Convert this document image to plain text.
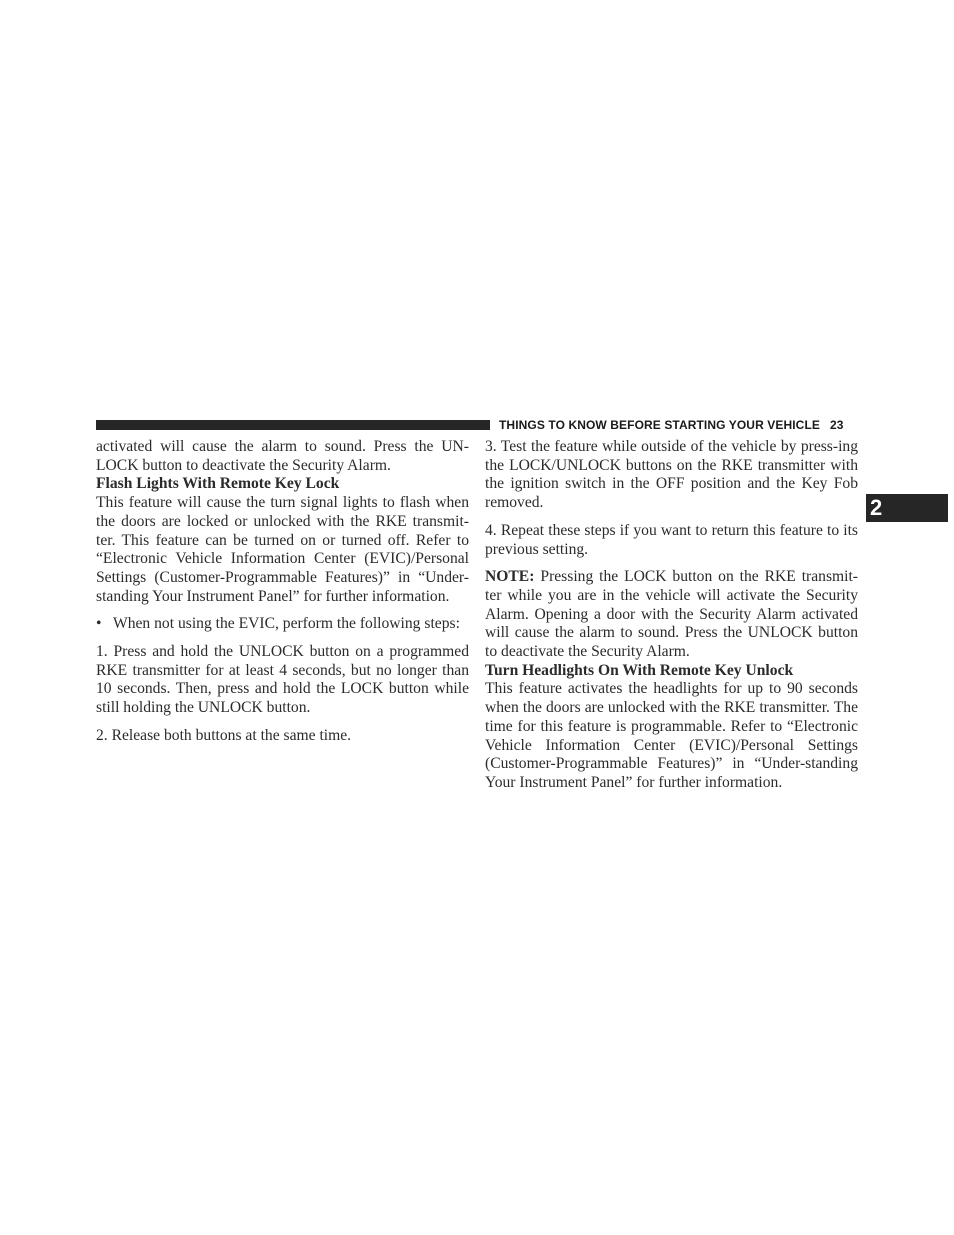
THINGS TO KNOW BEFORE STARTING YOUR VEHICLE 23
2

activated will cause the alarm to sound. Press the UN-LOCK button to deactivate the Security Alarm.

Flash Lights With Remote Key Lock

This feature will cause the turn signal lights to flash when the doors are locked or unlocked with the RKE transmit-ter. This feature can be turned on or turned off. Refer to “Electronic Vehicle Information Center (EVIC)/Personal Settings (Customer-Programmable Features)” in “Under-standing Your Instrument Panel” for further information.

• When not using the EVIC, perform the following steps:

1. Press and hold the UNLOCK button on a programmed RKE transmitter for at least 4 seconds, but no longer than 10 seconds. Then, press and hold the LOCK button while still holding the UNLOCK button.

2. Release both buttons at the same time.

3. Test the feature while outside of the vehicle by press-ing the LOCK/UNLOCK buttons on the RKE transmitter with the ignition switch in the OFF position and the Key Fob removed.

4. Repeat these steps if you want to return this feature to its previous setting.

NOTE: Pressing the LOCK button on the RKE transmit-ter while you are in the vehicle will activate the Security Alarm. Opening a door with the Security Alarm activated will cause the alarm to sound. Press the UNLOCK button to deactivate the Security Alarm.

Turn Headlights On With Remote Key Unlock

This feature activates the headlights for up to 90 seconds when the doors are unlocked with the RKE transmitter. The time for this feature is programmable. Refer to “Electronic Vehicle Information Center (EVIC)/Personal Settings (Customer-Programmable Features)” in “Under-standing Your Instrument Panel” for further information.
